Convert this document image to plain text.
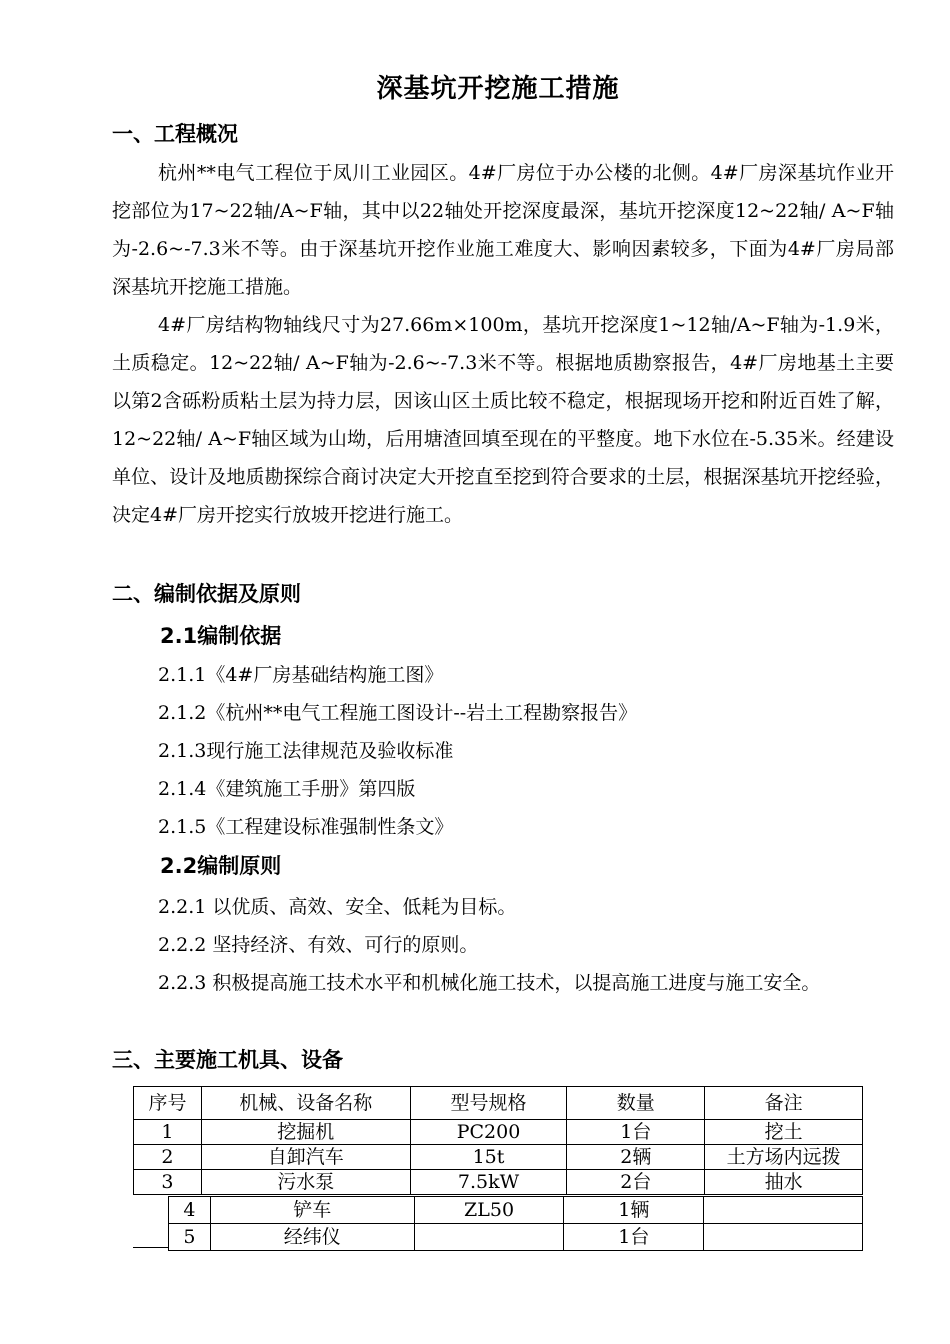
深基坑开挖施工措施
一、工程概况

杭州**电气工程位于凤川工业园区。4#厂房位于办公楼的北侧。4#厂房深基坑作业开挖部位为17~22轴/A~F轴，其中以22轴处开挖深度最深，基坑开挖深度12~22轴/ A~F轴为-2.6~-7.3米不等。由于深基坑开挖作业施工难度大、影响因素较多，下面为4#厂房局部深基坑开挖施工措施。

4#厂房结构物轴线尺寸为27.66m×100m，基坑开挖深度1~12轴/A~F轴为-1.9米，土质稳定。12~22轴/ A~F轴为-2.6~-7.3米不等。根据地质勘察报告，4#厂房地基土主要以第2含砾粉质粘土层为持力层，因该山区土质比较不稳定，根据现场开挖和附近百姓了解，12~22轴/ A~F轴区域为山坳，后用塘渣回填至现在的平整度。地下水位在-5.35米。经建设单位、设计及地质勘探综合商讨决定大开挖直至挖到符合要求的土层，根据深基坑开挖经验，决定4#厂房开挖实行放坡开挖进行施工。

二、编制依据及原则
2.1编制依据
2.1.1《4#厂房基础结构施工图》
2.1.2《杭州**电气工程施工图设计--岩土工程勘察报告》
2.1.3现行施工法律规范及验收标准
2.1.4《建筑施工手册》第四版
2.1.5《工程建设标准强制性条文》
2.2编制原则
2.2.1 以优质、高效、安全、低耗为目标。
2.2.2 坚持经济、有效、可行的原则。

2.2.3 积极提高施工技术水平和机械化施工技术，以提高施工进度与施工安全。

三、主要施工机具、设备
序号	机械、设备名称	型号规格	数量	备注
1	挖掘机	PC200	1台	挖土
2	自卸汽车	15t	2辆	土方场内远拨
3	污水泵	7.5kW	2台	抽水
4	铲车	ZL50	1辆	
5	经纬仪		1台	
